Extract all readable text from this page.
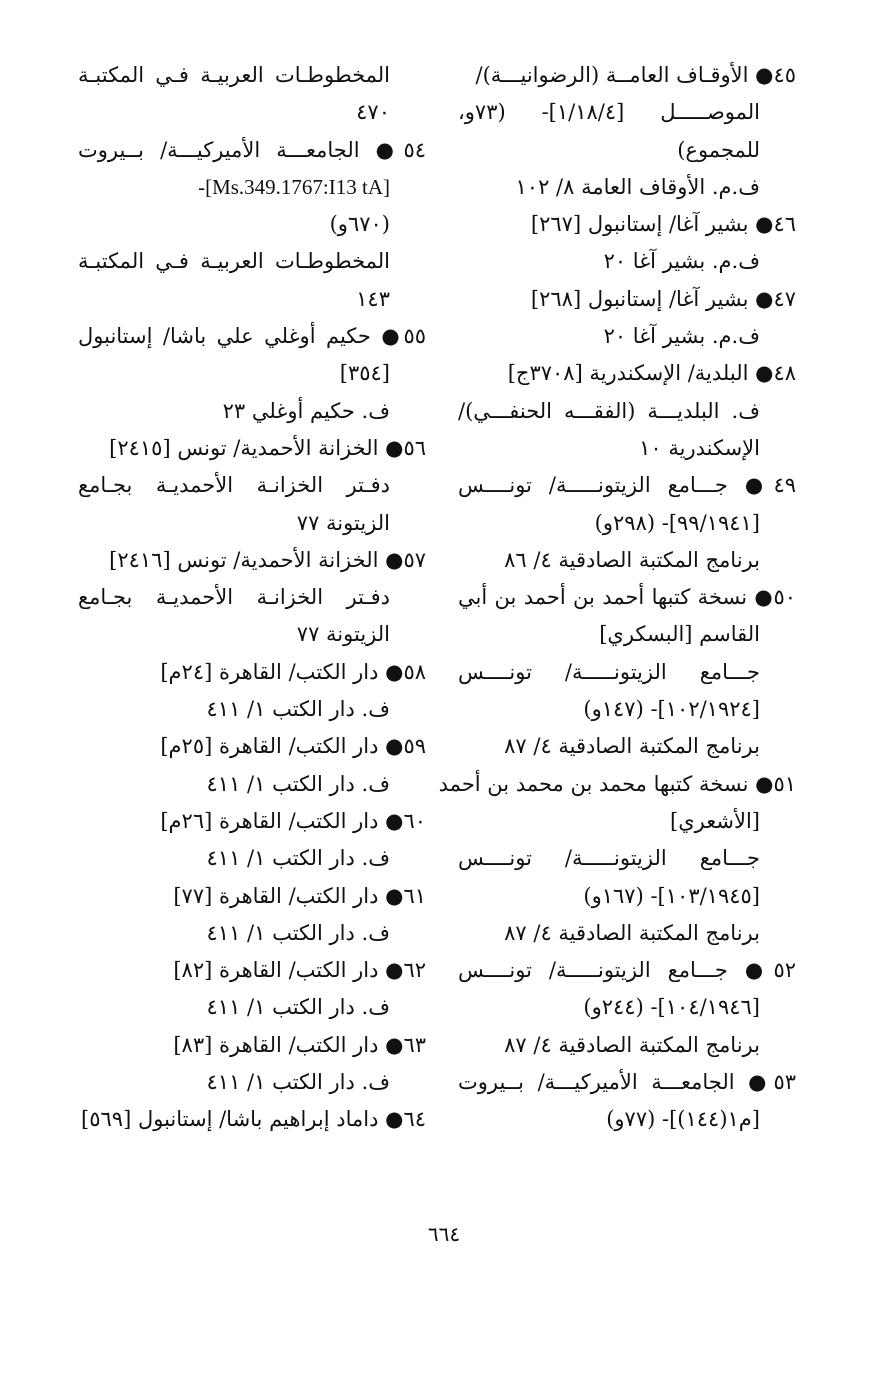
٤٥● الأوقـاف العامــة (الرضوانيـــة)/
الموصـــــل [١/١٨/٤]- (٧٣و،
للمجموع)
ف.م. الأوقاف العامة ٨/ ١٠٢
٤٦● بشير آغا/ إستانبول [٢٦٧]
ف.م. بشير آغا ٢٠
٤٧● بشير آغا/ إستانبول [٢٦٨]
ف.م. بشير آغا ٢٠
٤٨● البلدية/ الإسكندرية [٣٧٠٨ج]
ف. البلديـــة (الفقـــه الحنفـــي)/
الإسكندرية ١٠
٤٩● جـــامع الزيتونـــــة/ تونــــس
[٩٩/١٩٤١]- (٢٩٨و)
برنامج المكتبة الصادقية ٤/ ٨٦
٥٠● نسخة كتبها أحمد بن أحمد بن أبي
القاسم [البسكري]
جـــامع الزيتونـــــة/ تونــــس
[١٠٢/١٩٢٤]- (١٤٧و)
برنامج المكتبة الصادقية ٤/ ٨٧
٥١● نسخة كتبها محمد بن محمد بن أحمد
[الأشعري]
جـــامع الزيتونـــــة/ تونــــس
[١٠٣/١٩٤٥]- (١٦٧و)
برنامج المكتبة الصادقية ٤/ ٨٧
٥٢● جـــامع الزيتونـــــة/ تونــــس
[١٠٤/١٩٤٦]- (٢٤٤و)
برنامج المكتبة الصادقية ٤/ ٨٧
٥٣● الجامعـــة الأميركيـــة/ بــيروت
[م١(١٤٤)]- (٧٧و)
المخطوطـات العربيـة فـي المكتبـة
٤٧٠
٥٤● الجامعـــة الأميركيـــة/ بــيروت
-[Ms.349.1767:I13 tA]
(٦٧٠و)
المخطوطـات العربيـة فـي المكتبـة
١٤٣
٥٥● حكيم أوغلي علي باشا/ إستانبول
[٣٥٤]
ف. حكيم أوغلي ٢٣
٥٦● الخزانة الأحمدية/ تونس [٢٤١٥]
دفـتر الخزانـة الأحمديـة بجـامع
الزيتونة ٧٧
٥٧● الخزانة الأحمدية/ تونس [٢٤١٦]
دفـتر الخزانـة الأحمديـة بجـامع
الزيتونة ٧٧
٥٨● دار الكتب/ القاهرة [٢٤م]
ف. دار الكتب ١/ ٤١١
٥٩● دار الكتب/ القاهرة [٢٥م]
ف. دار الكتب ١/ ٤١١
٦٠● دار الكتب/ القاهرة [٢٦م]
ف. دار الكتب ١/ ٤١١
٦١● دار الكتب/ القاهرة [٧٧]
ف. دار الكتب ١/ ٤١١
٦٢● دار الكتب/ القاهرة [٨٢]
ف. دار الكتب ١/ ٤١١
٦٣● دار الكتب/ القاهرة [٨٣]
ف. دار الكتب ١/ ٤١١
٦٤● داماد إبراهيم باشا/ إستانبول [٥٦٩]
٦٦٤
